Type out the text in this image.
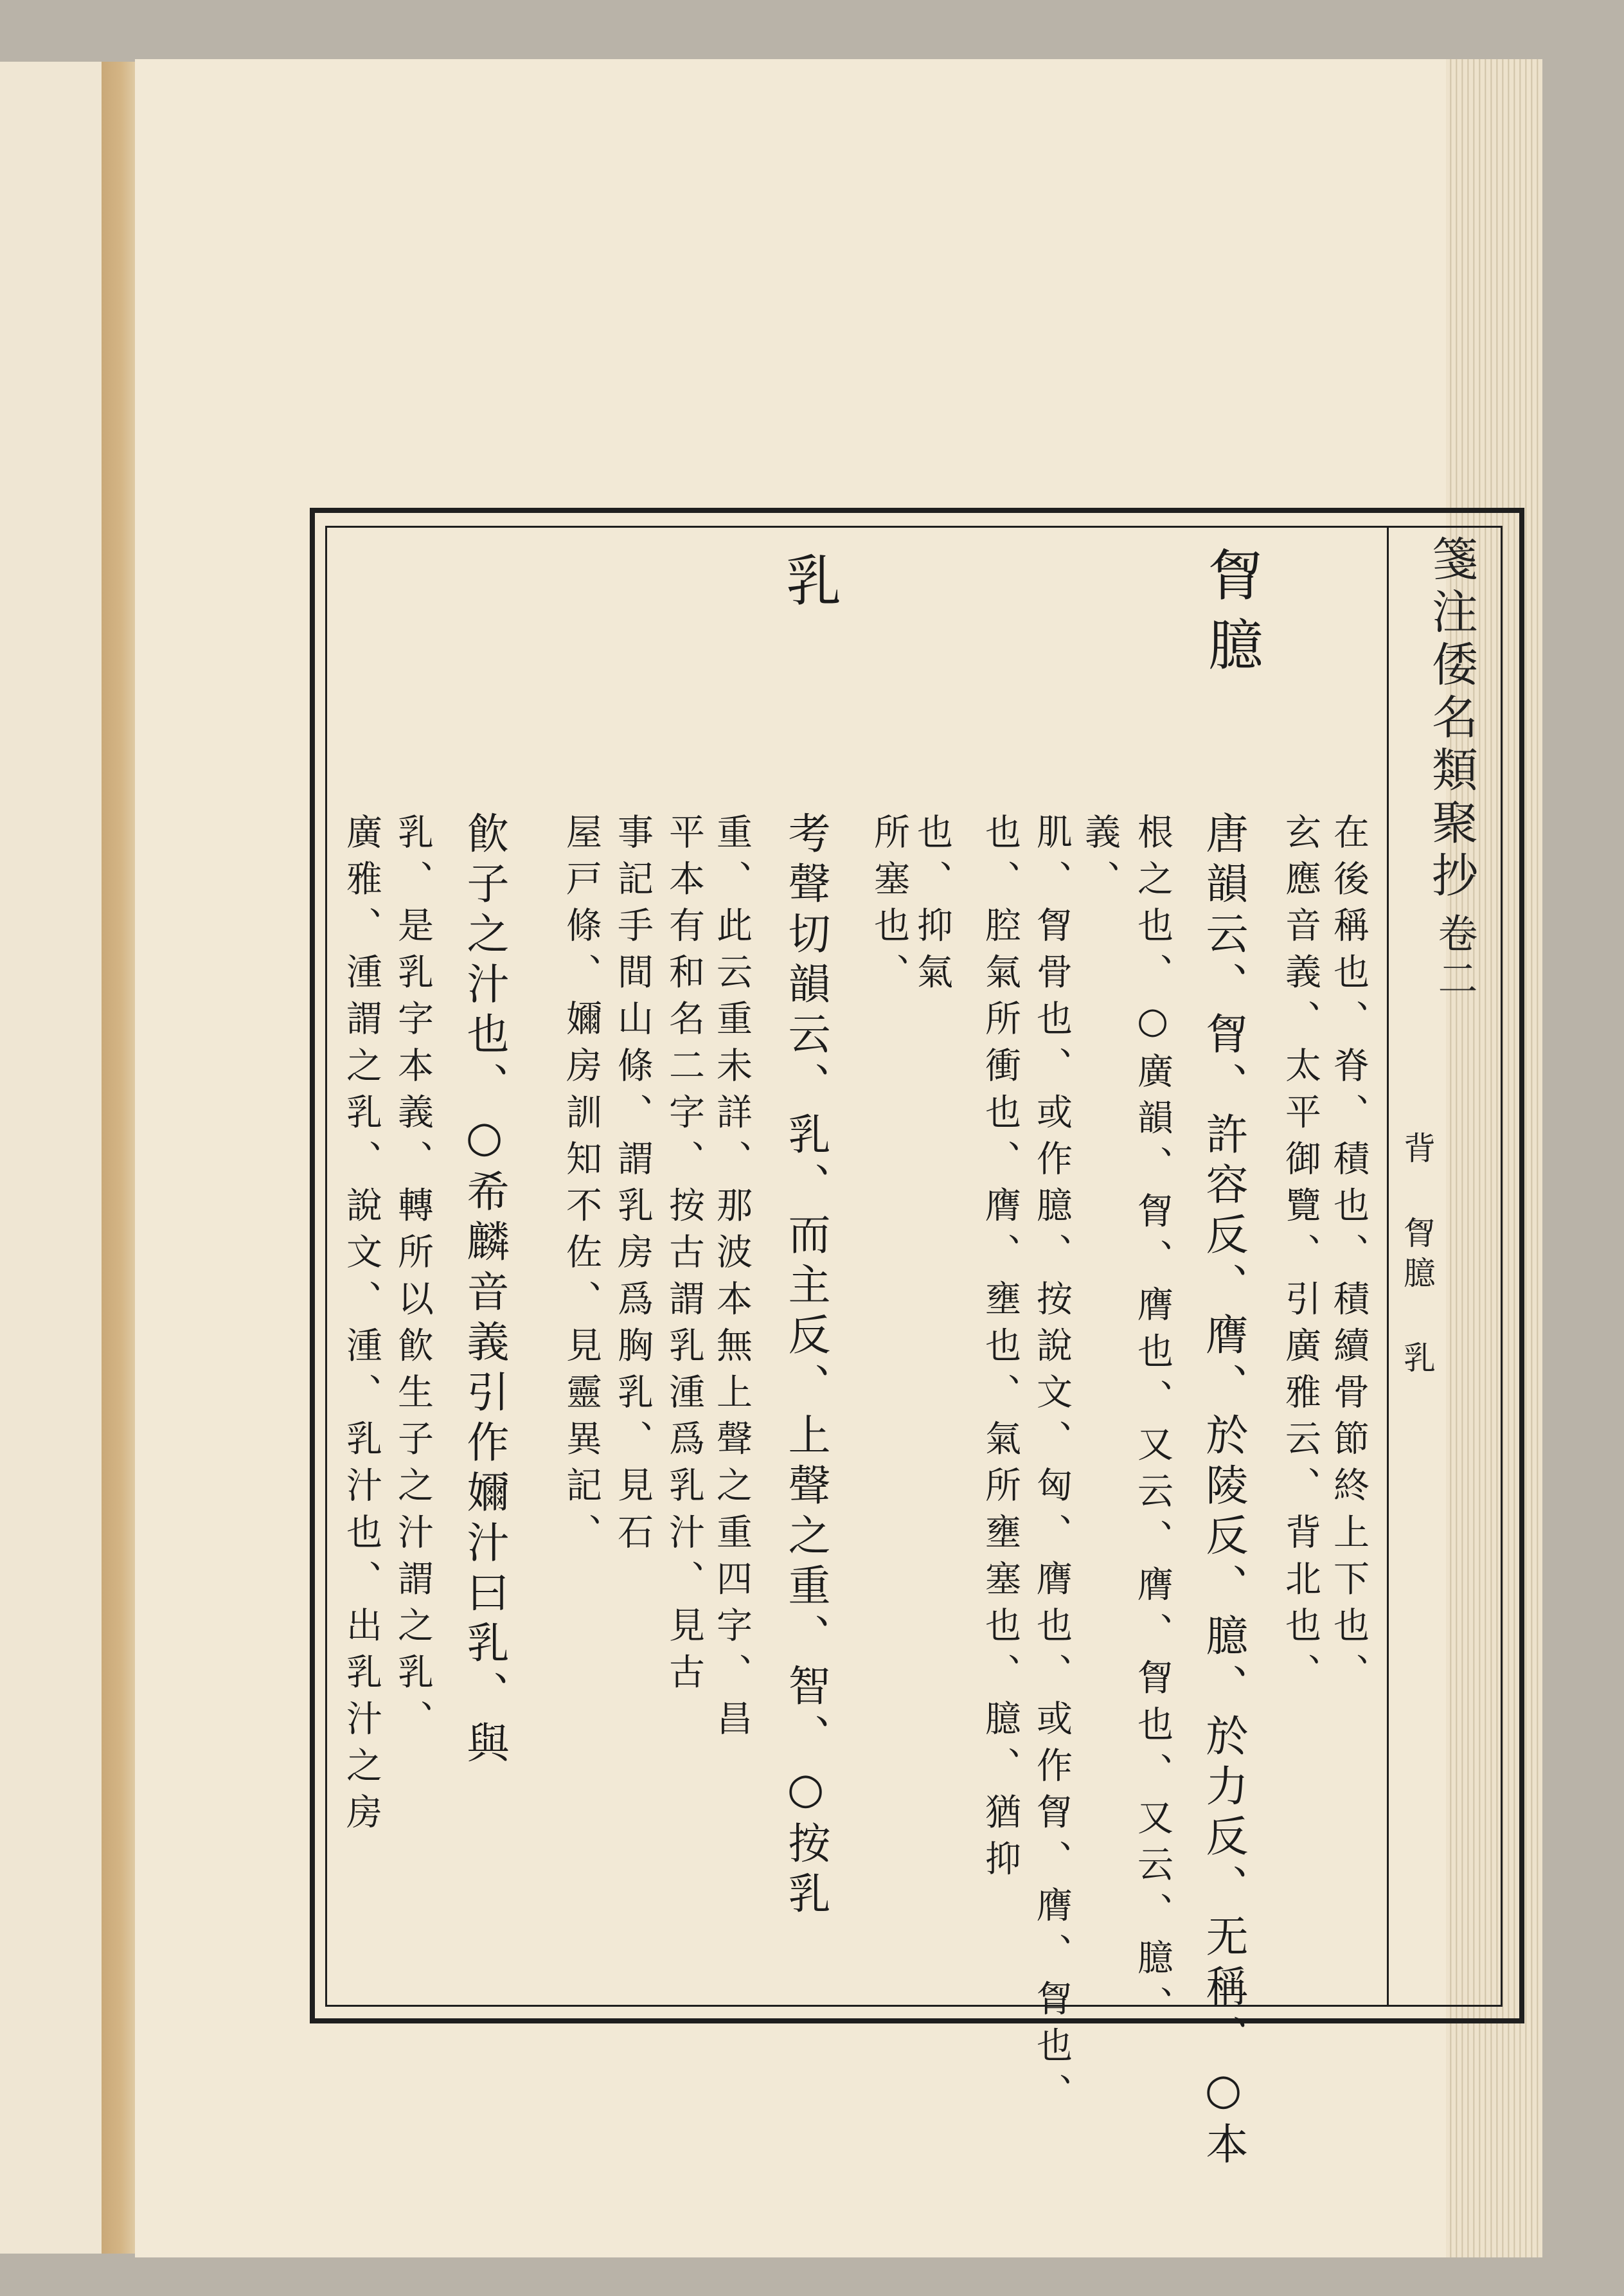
箋注倭名類聚抄
卷二
背 胷臆 乳
胷臆
在後稱也、脊、積也、積續骨節終上下也、
玄應音義、太平御覽、引廣雅云、背北也、
唐韻云、胷、許容反、膺、於陵反、臆、於力反、无稱、○本
根之也、○廣韻、胷、膺也、又云、膺、胷也、又云、臆、
義、
肌、胷骨也、或作臆、按說文、匈、膺也、或作胷、膺、胷也、
也、腔氣所衝也、膺、壅也、氣所壅塞也、臆、猶抑
也、抑氣
所塞也、
乳
考聲切韻云、乳、而主反、上聲之重、智、○按乳
重、此云重未詳、那波本無上聲之重四字、昌
平本有和名二字、按古謂乳湩爲乳汁、見古
事記手間山條、謂乳房爲胸乳、見石
屋戸條、嬭房訓知不佐、見靈異記、
飮子之汁也、○希麟音義引作嬭汁曰乳、與
乳、是乳字本義、轉所以飮生子之汁謂之乳、
廣雅、湩謂之乳、說文、湩、乳汁也、出乳汁之房
